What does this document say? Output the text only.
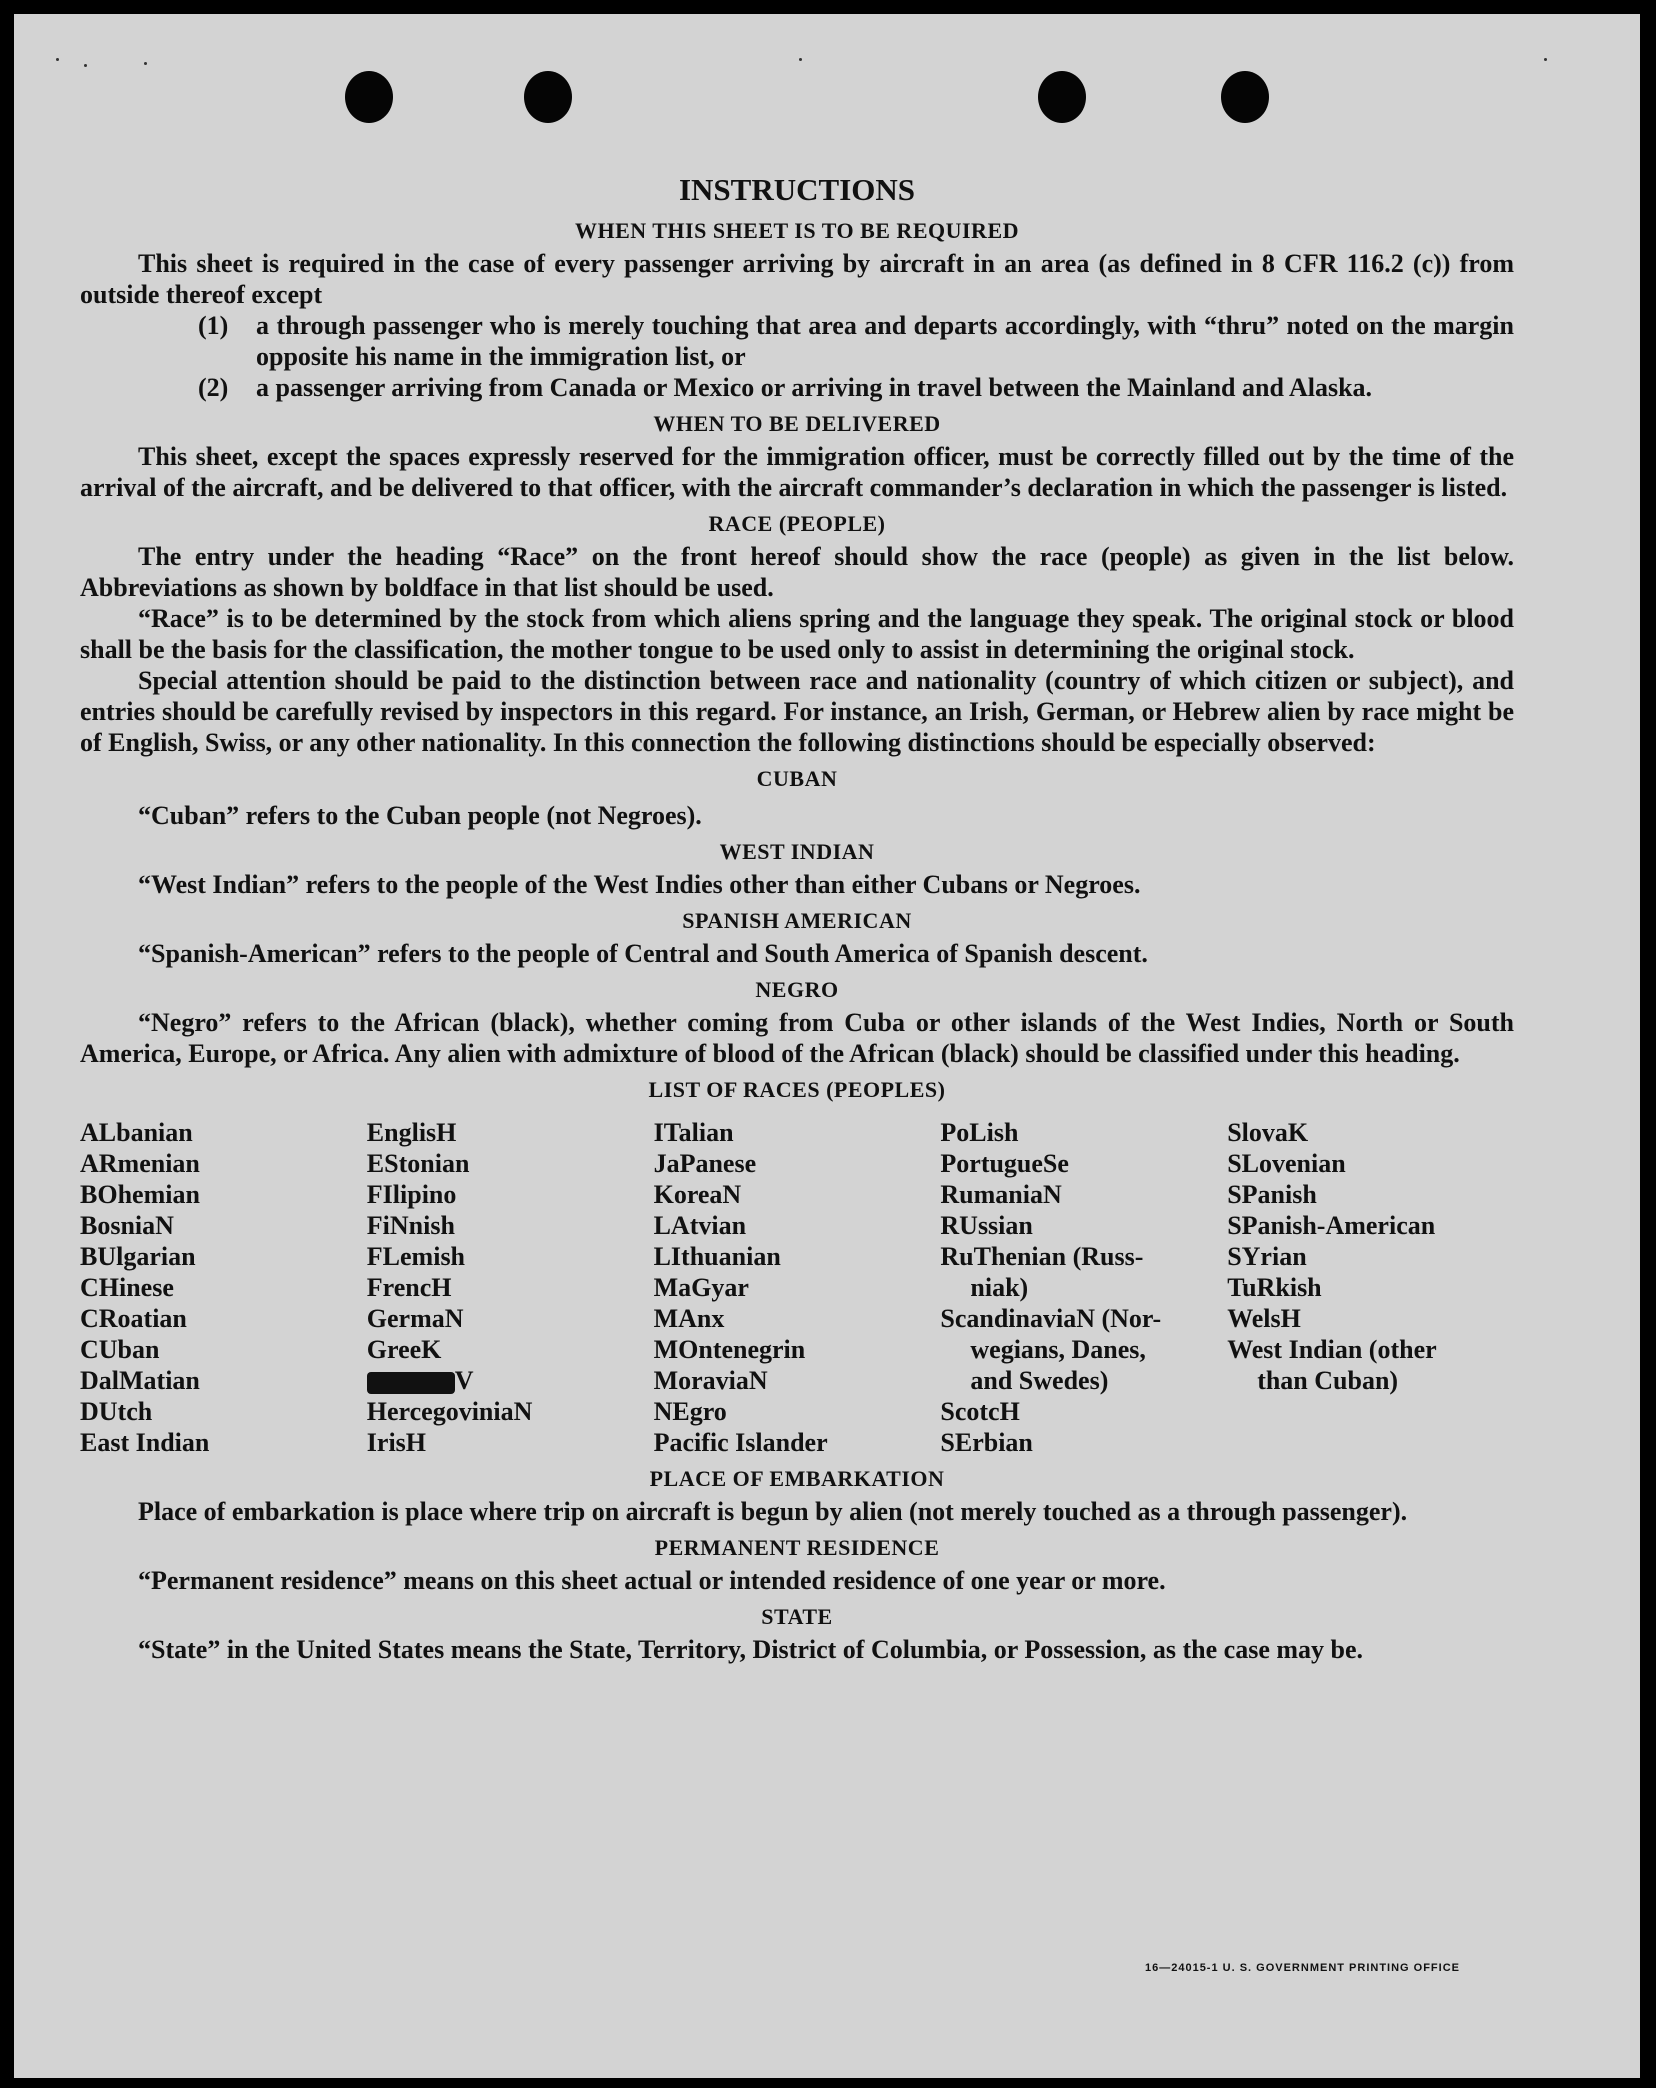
INSTRUCTIONS
WHEN THIS SHEET IS TO BE REQUIRED

This sheet is required in the case of every passenger arriving by aircraft in an area (as defined in 8 CFR 116.2 (c)) from outside thereof except

(1)	a through passenger who is merely touching that area and departs accordingly, with “thru” noted on the margin opposite his name in the immigration list, or
(2)	a passenger arriving from Canada or Mexico or arriving in travel between the Mainland and Alaska.
WHEN TO BE DELIVERED

This sheet, except the spaces expressly reserved for the immigration officer, must be correctly filled out by the time of the arrival of the aircraft, and be delivered to that officer, with the aircraft commander’s declaration in which the passenger is listed.

RACE (PEOPLE)

The entry under the heading “Race” on the front hereof should show the race (people) as given in the list below. Abbreviations as shown by boldface in that list should be used.

“Race” is to be determined by the stock from which aliens spring and the language they speak. The original stock or blood shall be the basis for the classification, the mother tongue to be used only to assist in determining the original stock.

Special attention should be paid to the distinction between race and nationality (country of which citizen or subject), and entries should be carefully revised by inspectors in this regard. For instance, an Irish, German, or Hebrew alien by race might be of English, Swiss, or any other nationality. In this connection the following distinctions should be especially observed:

CUBAN

“Cuban” refers to the Cuban people (not Negroes).

WEST INDIAN

“West Indian” refers to the people of the West Indies other than either Cubans or Negroes.

SPANISH AMERICAN

“Spanish-American” refers to the people of Central and South America of Spanish descent.

NEGRO

“Negro” refers to the African (black), whether coming from Cuba or other islands of the West Indies, North or South America, Europe, or Africa. Any alien with admixture of blood of the African (black) should be classified under this heading.

LIST OF RACES (PEOPLES)
ALbanian
ARmenian
BOhemian
BosniaN
BUlgarian
CHinese
CRoatian
CUban
DalMatian
DUtch
East Indian
EnglisH
EStonian
FIlipino
FiNnish
FLemish
FrencH
GermaN
GreeK
V
HercegoviniaN
IrisH
ITalian
JaPanese
KoreaN
LAtvian
LIthuanian
MaGyar
MAnx
MOntenegrin
MoraviaN
NEgro
Pacific Islander
PoLish
PortugueSe
RumaniaN
RUssian
RuThenian (Russ-
niak)
ScandinaviaN (Nor-
wegians, Danes,
and Swedes)
ScotcH
SErbian
SlovaK
SLovenian
SPanish
SPanish-American
SYrian
TuRkish
WelsH
West Indian (other
than Cuban)
PLACE OF EMBARKATION

Place of embarkation is place where trip on aircraft is begun by alien (not merely touched as a through passenger).

PERMANENT RESIDENCE

“Permanent residence” means on this sheet actual or intended residence of one year or more.

STATE

“State” in the United States means the State, Territory, District of Columbia, or Possession, as the case may be.

16—24015-1 U. S. GOVERNMENT PRINTING OFFICE
